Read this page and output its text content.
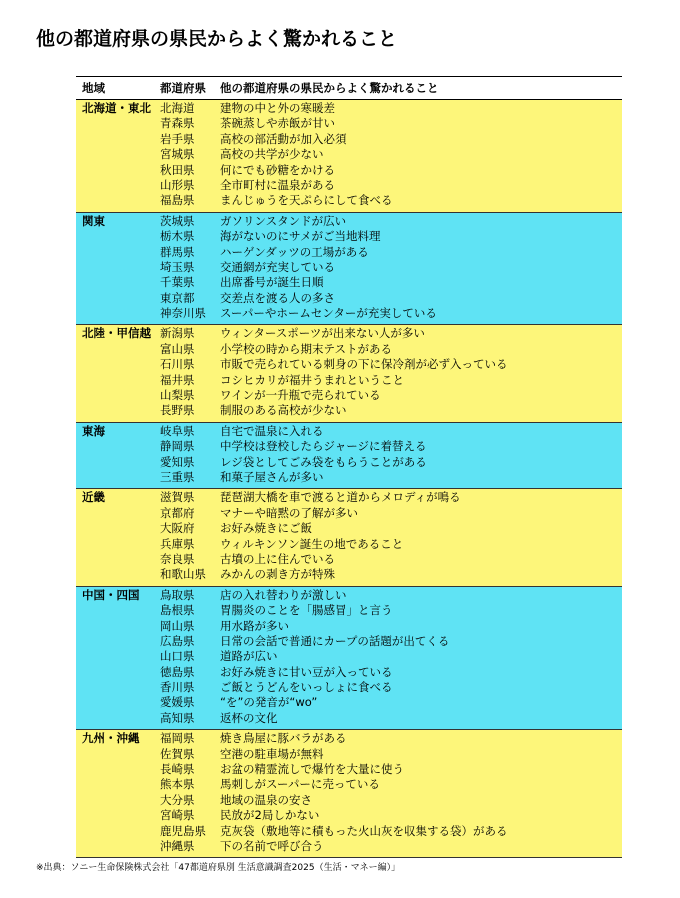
他の都道府県の県民からよく驚かれること
地域	都道府県	他の都道府県の県民からよく驚かれること
北海道・東北 北海道	建物の中と外の寒暖差
青森県	茶碗蒸しや赤飯が甘い
岩手県	高校の部活動が加入必須
宮城県	高校の共学が少ない
秋田県	何にでも砂糖をかける
山形県	全市町村に温泉がある
福島県	まんじゅうを天ぷらにして食べる
関東	茨城県	ガソリンスタンドが広い
栃木県	海がないのにサメがご当地料理
群馬県	ハーゲンダッツの工場がある
埼玉県	交通網が充実している
千葉県	出席番号が誕生日順
東京都	交差点を渡る人の多さ
神奈川県	スーパーやホームセンターが充実している
北陸・甲信越 新潟県	ウィンタースポーツが出来ない人が多い
富山県	小学校の時から期末テストがある
石川県	市販で売られている刺身の下に保冷剤が必ず入っている
福井県	コシヒカリが福井うまれということ
山梨県	ワインが一升瓶で売られている
長野県	制服のある高校が少ない
東海	岐阜県	自宅で温泉に入れる
静岡県	中学校は登校したらジャージに着替える
愛知県	レジ袋としてごみ袋をもらうことがある
三重県	和菓子屋さんが多い
近畿	滋賀県	琵琶湖大橋を車で渡ると道からメロディが鳴る
京都府	マナーや暗黙の了解が多い
大阪府	お好み焼きにご飯
兵庫県	ウィルキンソン誕生の地であること
奈良県	古墳の上に住んでいる
和歌山県	みかんの剥き方が特殊
中国・四国	鳥取県	店の入れ替わりが激しい
島根県	胃腸炎のことを「腸感冒」と言う
岡山県	用水路が多い
広島県	日常の会話で普通にカープの話題が出てくる
山口県	道路が広い
徳島県	お好み焼きに甘い豆が入っている
香川県	ご飯とうどんをいっしょに食べる
愛媛県	“を”の発音が“wo”
高知県	返杯の文化
九州・沖縄	福岡県	焼き鳥屋に豚バラがある
佐賀県	空港の駐車場が無料
長崎県	お盆の精霊流しで爆竹を大量に使う
熊本県	馬刺しがスーパーに売っている
大分県	地域の温泉の安さ
宮崎県	民放が2局しかない
鹿児島県	克灰袋（敷地等に積もった火山灰を収集する袋）がある
沖縄県	下の名前で呼び合う
※出典：ソニー生命保険株式会社「47都道府県別 生活意識調査2025（生活・マネー編）」
